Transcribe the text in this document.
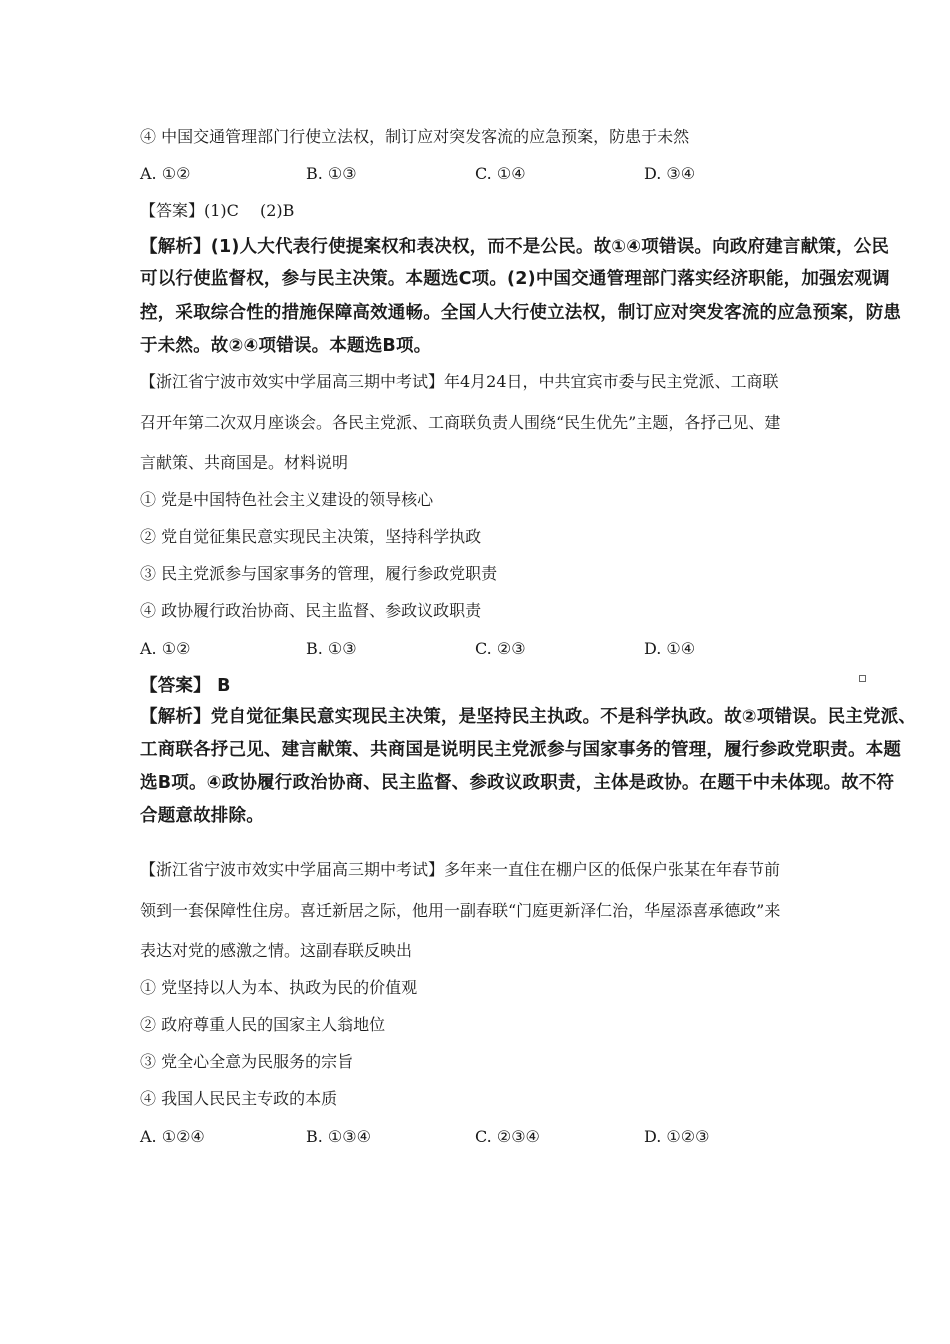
④ 中国交通管理部门行使立法权，制订应对突发客流的应急预案，防患于未然
A. ①②	B. ①③	C. ①④	D. ③④
【答案】(1)C　 (2)B
【解析】(1)人大代表行使提案权和表决权，而不是公民。故①④项错误。向政府建言献策，公民
可以行使监督权，参与民主决策。本题选C项。(2)中国交通管理部门落实经济职能，加强宏观调
控，采取综合性的措施保障高效通畅。全国人大行使立法权，制订应对突发客流的应急预案，防患
于未然。故②④项错误。本题选B项。
【浙江省宁波市效实中学届高三期中考试】年4月24日，中共宜宾市委与民主党派、工商联
召开年第二次双月座谈会。各民主党派、工商联负责人围绕“民生优先”主题，各抒己见、建
言献策、共商国是。材料说明
① 党是中国特色社会主义建设的领导核心
② 党自觉征集民意实现民主决策，坚持科学执政
③ 民主党派参与国家事务的管理，履行参政党职责
④ 政协履行政治协商、民主监督、参政议政职责
A. ①②	B. ①③	C. ②③	D. ①④
【答案】 B
【解析】党自觉征集民意实现民主决策，是坚持民主执政。不是科学执政。故②项错误。民主党派、
工商联各抒己见、建言献策、共商国是说明民主党派参与国家事务的管理，履行参政党职责。本题
选B项。④政协履行政治协商、民主监督、参政议政职责，主体是政协。在题干中未体现。故不符
合题意故排除。
【浙江省宁波市效实中学届高三期中考试】多年来一直住在棚户区的低保户张某在年春节前
领到一套保障性住房。喜迁新居之际，他用一副春联“门庭更新泽仁治，华屋添喜承德政”来
表达对党的感激之情。这副春联反映出
① 党坚持以人为本、执政为民的价值观
② 政府尊重人民的国家主人翁地位
③ 党全心全意为民服务的宗旨
④ 我国人民民主专政的本质
A. ①②④	B. ①③④	C. ②③④	D. ①②③
